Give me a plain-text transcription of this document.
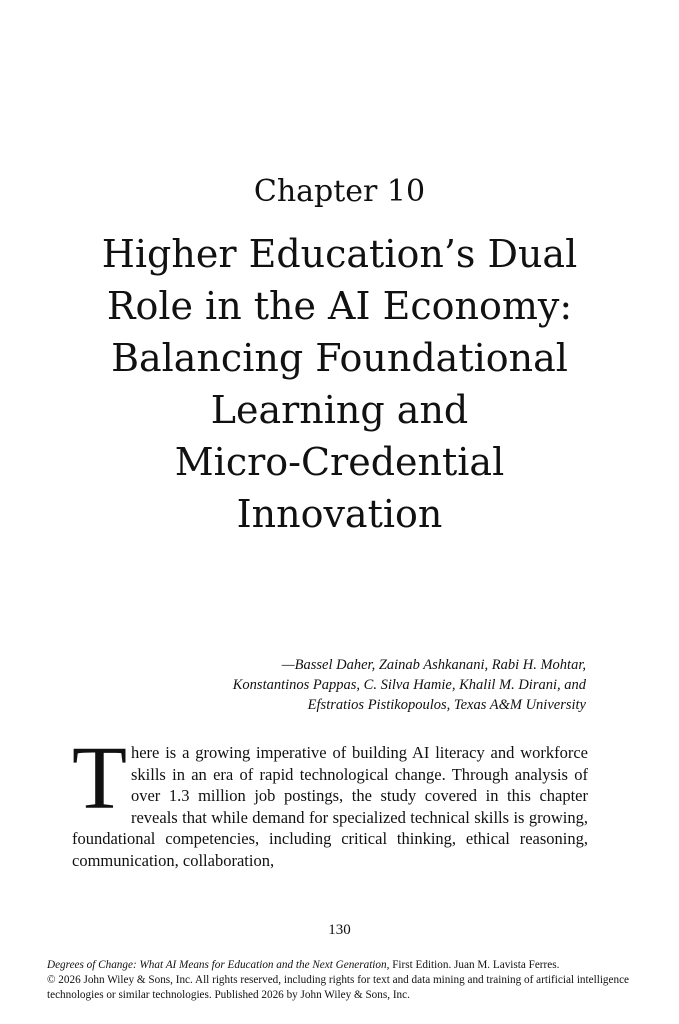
Chapter 10
Higher Education’s Dual
Role in the AI Economy:
Balancing Foundational
Learning and
Micro-Credential
Innovation
—Bassel Daher, Zainab Ashkanani, Rabi H. Mohtar,
Konstantinos Pappas, C. Silva Hamie, Khalil M. Dirani, and
Efstratios Pistikopoulos, Texas A&M University

There is a growing imperative of building AI literacy and workforce skills in an era of rapid technological change. Through analysis of over 1.3 million job postings, the study covered in this chapter reveals that while demand for specialized technical skills is growing, foundational competencies, including critical thinking, ethical reasoning, communication, collaboration,

130
Degrees of Change: What AI Means for Education and the Next Generation, First Edition. Juan M. Lavista Ferres.
© 2026 John Wiley & Sons, Inc. All rights reserved, including rights for text and data mining and training of artificial intelligence technologies or similar technologies. Published 2026 by John Wiley & Sons, Inc.
